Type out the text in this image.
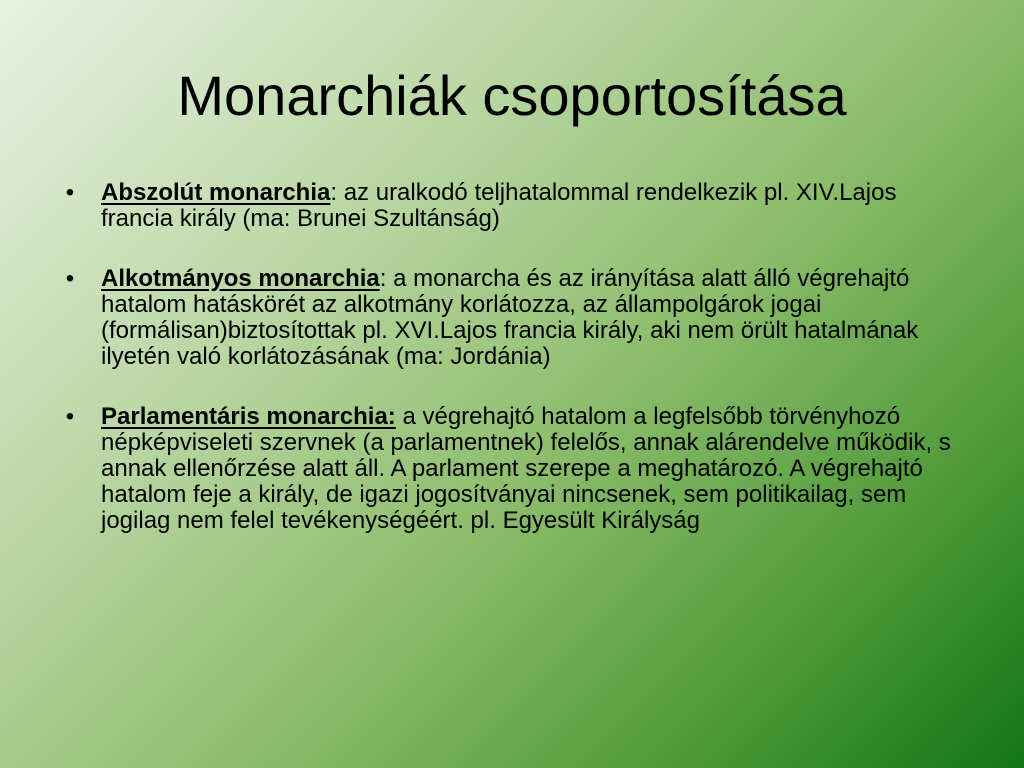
Monarchiák csoportosítása
• Abszolút monarchia: az uralkodó teljhatalommal rendelkezik pl. XIV.Lajos francia király (ma: Brunei Szultánság)
• Alkotmányos monarchia: a monarcha és az irányítása alatt álló végrehajtó hatalom hatáskörét az alkotmány korlátozza, az állampolgárok jogai (formálisan)biztosítottak pl. XVI.Lajos francia király, aki nem örült hatalmának ilyetén való korlátozásának (ma: Jordánia)
• Parlamentáris monarchia: a végrehajtó hatalom a legfelsőbb törvényhozó népképviseleti szervnek (a parlamentnek) felelős, annak alárendelve működik, s annak ellenőrzése alatt áll. A parlament szerepe a meghatározó. A végrehajtó hatalom feje a király, de igazi jogosítványai nincsenek, sem politikailag, sem jogilag nem felel tevékenységéért. pl. Egyesült Királyság
